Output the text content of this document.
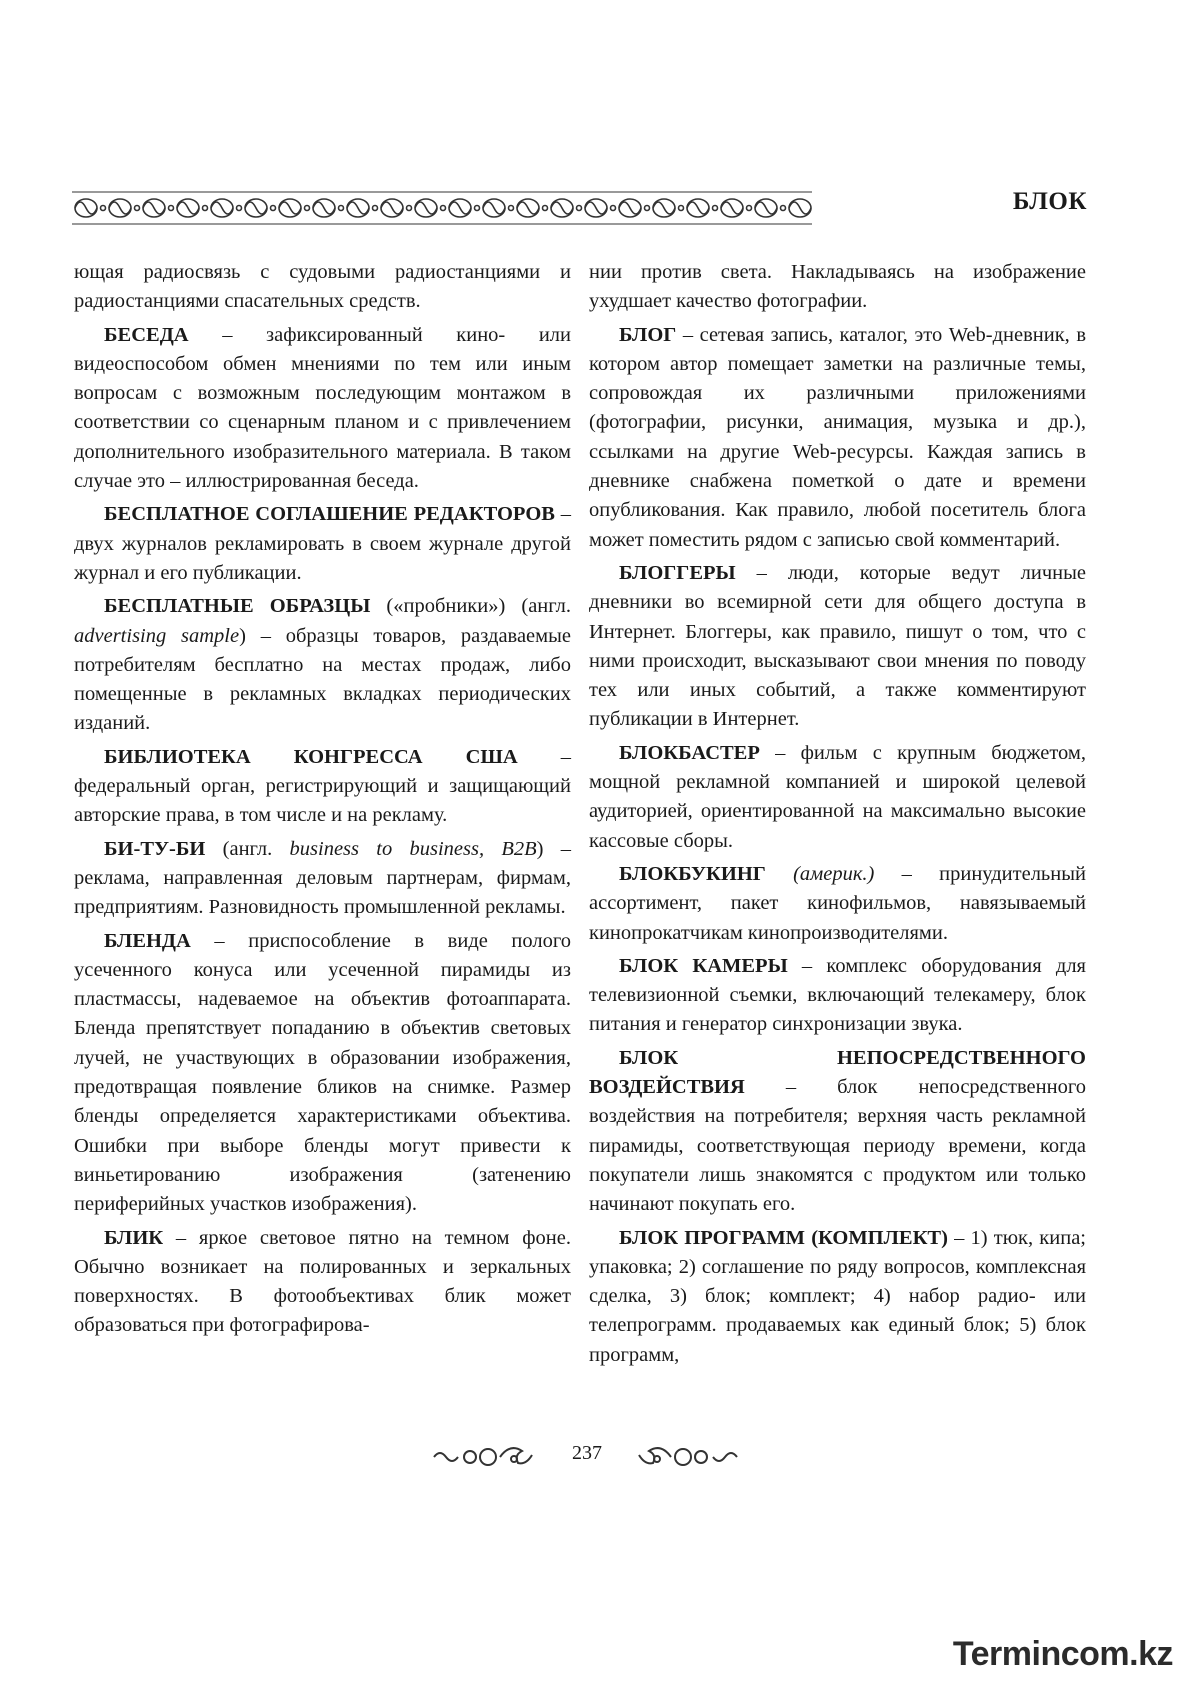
БЛОК

ющая радиосвязь с судовыми радиостанциями и радиостанциями спасательных средств.

БЕСЕДА – зафиксированный кино- или видеоспособом обмен мнениями по тем или иным вопросам с возможным последующим монтажом в соответствии со сценарным планом и с привлечением дополнительного изобразительного материала. В таком случае это – иллюстрированная беседа.

БЕСПЛАТНОЕ СОГЛАШЕНИЕ РЕДАКТОРОВ – двух журналов рекламировать в своем журнале другой журнал и его публикации.

БЕСПЛАТНЫЕ ОБРАЗЦЫ («пробники») (англ. advertising sample) – образцы товаров, раздаваемые потребителям бесплатно на местах продаж, либо помещенные в рекламных вкладках периодических изданий.

БИБЛИОТЕКА КОНГРЕССА США – федеральный орган, регистрирующий и защищающий авторские права, в том числе и на рекламу.

БИ-ТУ-БИ (англ. business to business, B2B) – реклама, направленная деловым партнерам, фирмам, предприятиям. Разновидность промышленной рекламы.

БЛЕНДА – приспособление в виде полого усеченного конуса или усеченной пирамиды из пластмассы, надеваемое на объектив фотоаппарата. Бленда препятствует попаданию в объектив световых лучей, не участвующих в образовании изображения, предотвращая появление бликов на снимке. Размер бленды определяется характеристиками объектива. Ошибки при выборе бленды могут привести к виньетированию изображения (затенению периферийных участков изображения).

БЛИК – яркое световое пятно на темном фоне. Обычно возникает на полированных и зеркальных поверхностях. В фотообъективах блик может образоваться при фотографирова-

нии против света. Накладываясь на изображение ухудшает качество фотографии.

БЛОГ – сетевая запись, каталог, это Web-дневник, в котором автор помещает заметки на различные темы, сопровождая их различными приложениями (фотографии, рисунки, анимация, музыка и др.), ссылками на другие Web-ресурсы. Каждая запись в дневнике снабжена пометкой о дате и времени опубликования. Как правило, любой посетитель блога может поместить рядом с записью свой комментарий.

БЛОГГЕРЫ – люди, которые ведут личные дневники во всемирной сети для общего доступа в Интернет. Блоггеры, как правило, пишут о том, что с ними происходит, высказывают свои мнения по поводу тех или иных событий, а также комментируют публикации в Интернет.

БЛОКБАСТЕР – фильм с крупным бюджетом, мощной рекламной компанией и широкой целевой аудиторией, ориентированной на максимально высокие кассовые сборы.

БЛОКБУКИНГ (америк.) – принудительный ассортимент, пакет кинофильмов, навязываемый кинопрокатчикам кинопроизводителями.

БЛОК КАМЕРЫ – комплекс оборудования для телевизионной съемки, включающий телекамеру, блок питания и генератор синхронизации звука.

БЛОК НЕПОСРЕДСТВЕННОГО ВОЗДЕЙСТВИЯ – блок непосредственного воздействия на потребителя; верхняя часть рекламной пирамиды, соответствующая периоду времени, когда покупатели лишь знакомятся с продуктом или только начинают покупать его.

БЛОК ПРОГРАММ (КОМПЛЕКТ) – 1) тюк, кипа; упаковка; 2) соглашение по ряду вопросов, комплексная сделка, 3) блок; комплект; 4) набор радио- или телепрограмм. продаваемых как единый блок; 5) блок программ,

237
Termincom.kz
